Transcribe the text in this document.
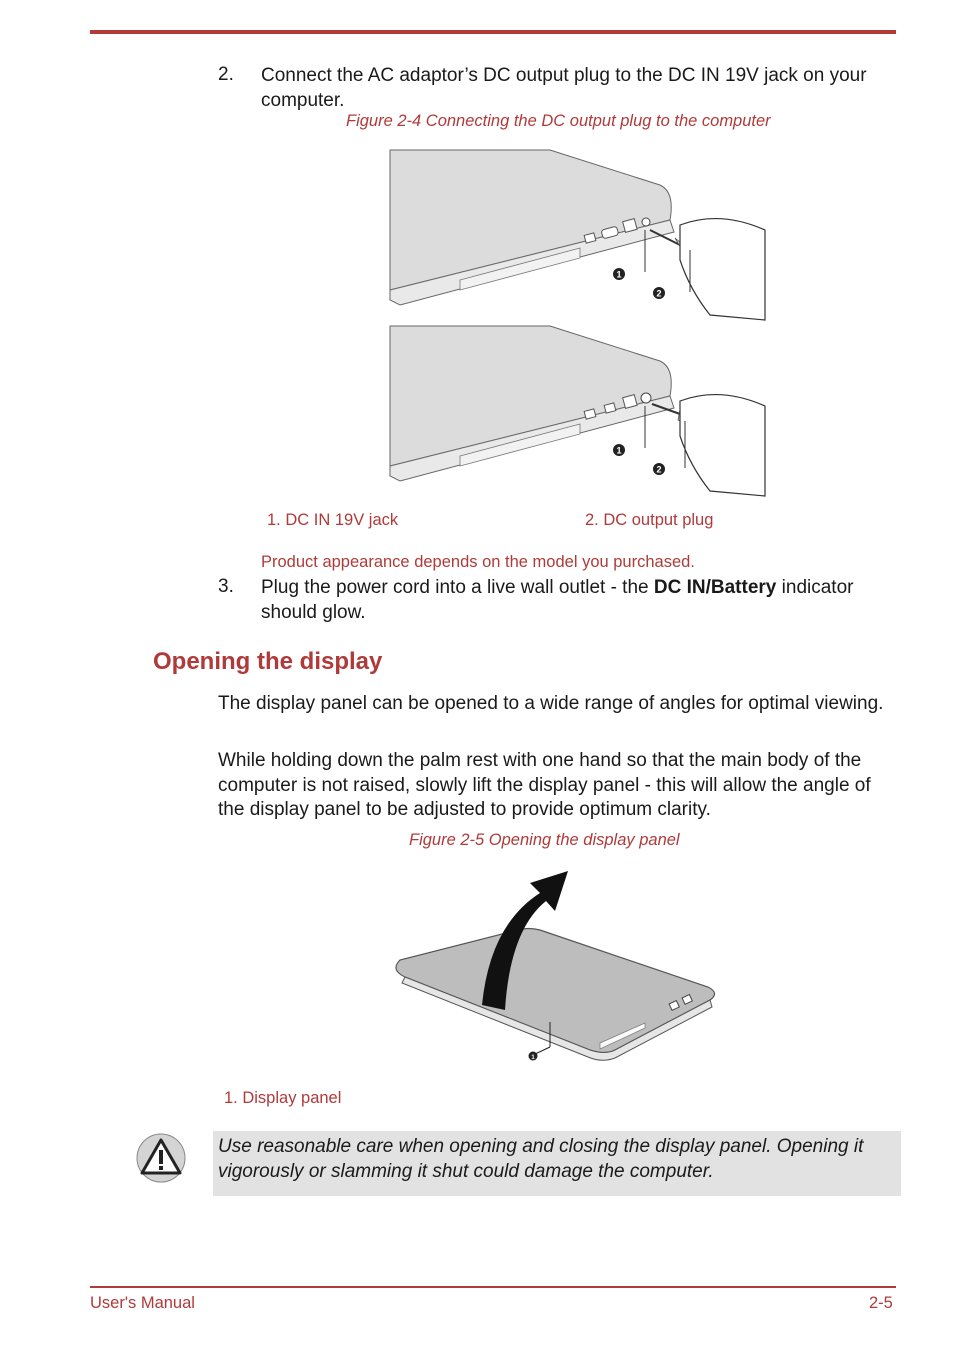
2. Connect the AC adaptor’s DC output plug to the DC IN 19V jack on your computer.
Figure 2-4 Connecting the DC output plug to the computer
1
2
1
2
1. DC IN 19V jack	2. DC output plug
Product appearance depends on the model you purchased.
3. Plug the power cord into a live wall outlet - the DC IN/Battery indicator should glow.
Opening the display
The display panel can be opened to a wide range of angles for optimal viewing.
While holding down the palm rest with one hand so that the main body of the computer is not raised, slowly lift the display panel - this will allow the angle of the display panel to be adjusted to provide optimum clarity.
Figure 2-5 Opening the display panel
1
1. Display panel
Use reasonable care when opening and closing the display panel. Opening it vigorously or slamming it shut could damage the computer.
User's Manual	2-5
